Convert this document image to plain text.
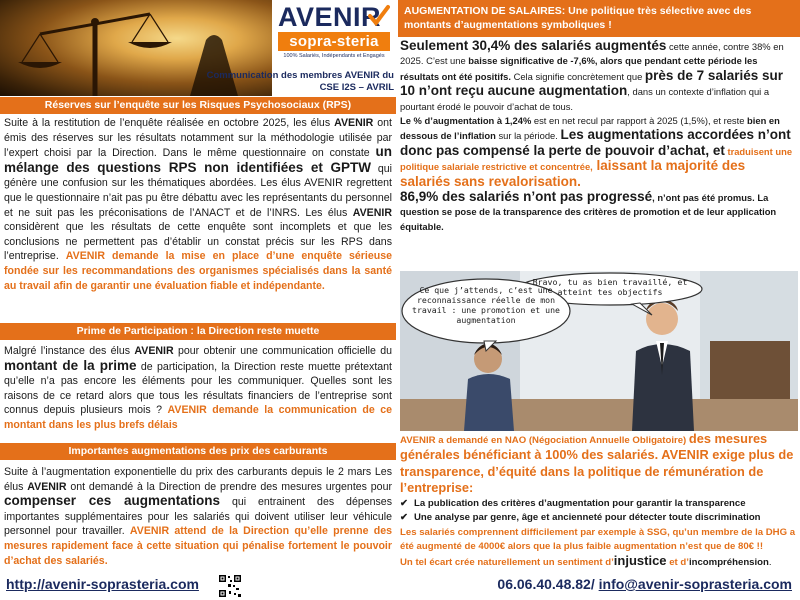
AVENIR
sopra-steria
100% Salariés, Indépendants et Engagés
Communication des membres AVENIR du
CSE I2S – AVRIL
Réserves sur l’enquête sur les Risques Psychosociaux (RPS)
Suite à la restitution de l’enquête réalisée en octobre 2025, les élus AVENIR ont émis des réserves sur les résultats notamment sur la méthodologie utilisée par l’expert choisi par la Direction. Dans le même questionnaire on constate un mélange des questions RPS non identifiées et GPTW qui génère une confusion sur les thématiques abordées. Les élus AVENIR regrettent que le questionnaire n’ait pas pu être débattu avec les représentants du personnel et ne suit pas les préconisations de l’ANACT et de l’INRS. Les élus AVENIR considèrent que les résultats de cette enquête sont incomplets et que les conclusions ne permettent pas d’établir un constat précis sur les RPS dans l’entreprise. AVENIR demande la mise en place d’une enquête sérieuse fondée sur les recommandations des organismes spécialisés dans la santé au travail afin de garantir une évaluation fiable et indépendante.
Prime de Participation : la Direction reste muette
Malgré l’instance des élus AVENIR pour obtenir une communication officielle du montant de la prime de participation, la Direction reste muette prétextant qu’elle n’a pas encore les éléments pour les communiquer. Quelles sont les raisons de ce retard alors que tous les résultats financiers de l’entreprise sont connus depuis plusieurs mois ? AVENIR demande la communication de ce montant dans les plus brefs délais
Importantes augmentations des prix des carburants
Suite à l’augmentation exponentielle du prix des carburants depuis le 2 mars Les élus AVENIR ont demandé à la Direction de prendre des mesures urgentes pour compenser ces augmentations qui entrainent des dépenses importantes supplémentaires pour les salariés qui doivent utiliser leur véhicule personnel pour travailler. AVENIR attend de la Direction qu’elle prenne des mesures rapidement face à cette situation qui pénalise fortement le pouvoir d’achat des salariés.
AUGMENTATION DE SALAIRES: Une politique très sélective avec des montants d’augmentations symboliques !
Seulement 30,4% des salariés augmentés cette année, contre 38% en 2025. C’est une baisse significative de -7,6%, alors que pendant cette période les résultats ont été positifs. Cela signifie concrètement que près de 7 salariés sur 10 n’ont reçu aucune augmentation, dans un contexte d’inflation qui a pourtant érodé le pouvoir d’achat de tous.
Le % d’augmentation à 1,24% est en net recul par rapport à 2025 (1,5%), et reste bien en dessous de l’inflation sur la période. Les augmentations accordées n’ont donc pas compensé la perte de pouvoir d’achat, et traduisent une politique salariale restrictive et concentrée, laissant la majorité des salariés sans revalorisation.
86,9% des salariés n’ont pas progressé, n’ont pas été promus. La question se pose de la transparence des critères de promotion et de leur application équitable.
Bravo, tu as bien travaillé, et atteint tes objectifs
Ce que j’attends, c’est une reconnaissance réelle de mon travail : une promotion et une augmentation
AVENIR a demandé en NAO (Négociation Annuelle Obligatoire) des mesures générales bénéficiant à 100% des salariés. AVENIR exige plus de transparence, d’équité dans la politique de rémunération de l’entreprise:
✔ La publication des critères d’augmentation pour garantir la transparence
✔ Une analyse par genre, âge et ancienneté pour détecter toute discrimination
Les salariés comprennent difficilement par exemple à SSG, qu’un membre de la DHG a été augmenté de 4000€ alors que la plus faible augmentation n’est que de 80€ !!
Un tel écart crée naturellement un sentiment d’injustice et d’incompréhension.
http://avenir-soprasteria.com	06.06.40.48.82/ info@avenir-soprasteria.com
